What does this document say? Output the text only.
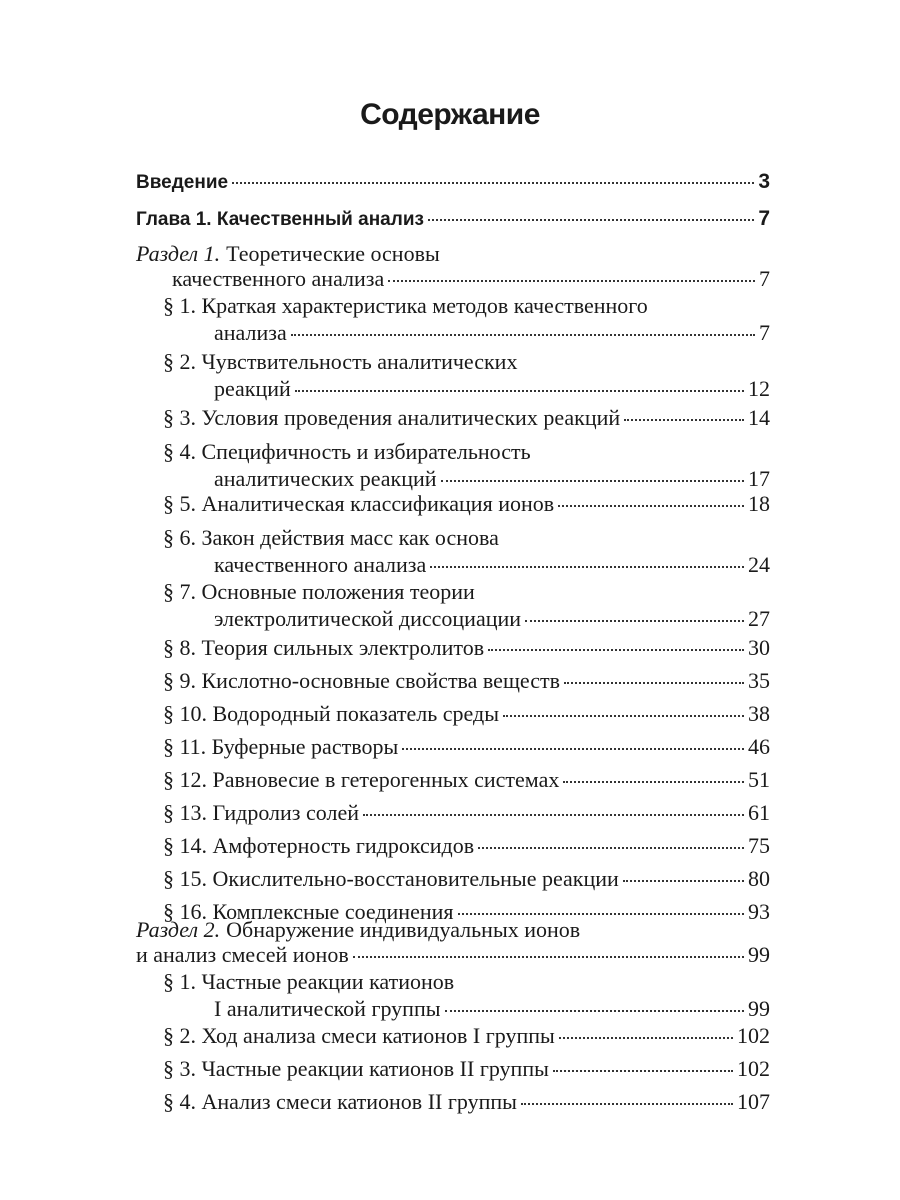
Содержание
Введение	3
Глава 1. Качественный анализ	7
Раздел 1. Теоретические основы
качественного анализа	7
§ 1. Краткая характеристика методов качественного
анализа	7
§ 2. Чувствительность аналитических
реакций	12
§ 3. Условия проведения аналитических реакций	14
§ 4. Специфичность и избирательность
аналитических реакций	17
§ 5. Аналитическая классификация ионов	18
§ 6. Закон действия масс как основа
качественного анализа	24
§ 7. Основные положения теории
электролитической диссоциации	27
§ 8. Теория сильных электролитов	30
§ 9. Кислотно-основные свойства веществ	35
§ 10. Водородный показатель среды	38
§ 11. Буферные растворы	46
§ 12. Равновесие в гетерогенных системах	51
§ 13. Гидролиз солей	61
§ 14. Амфотерность гидроксидов	75
§ 15. Окислительно-восстановительные реакции	80
§ 16. Комплексные соединения	93
Раздел 2. Обнаружение индивидуальных ионов
и анализ смесей ионов	99
§ 1. Частные реакции катионов
I аналитической группы	99
§ 2. Ход анализа смеси катионов I группы	102
§ 3. Частные реакции катионов II группы	102
§ 4. Анализ смеси катионов II группы	107
